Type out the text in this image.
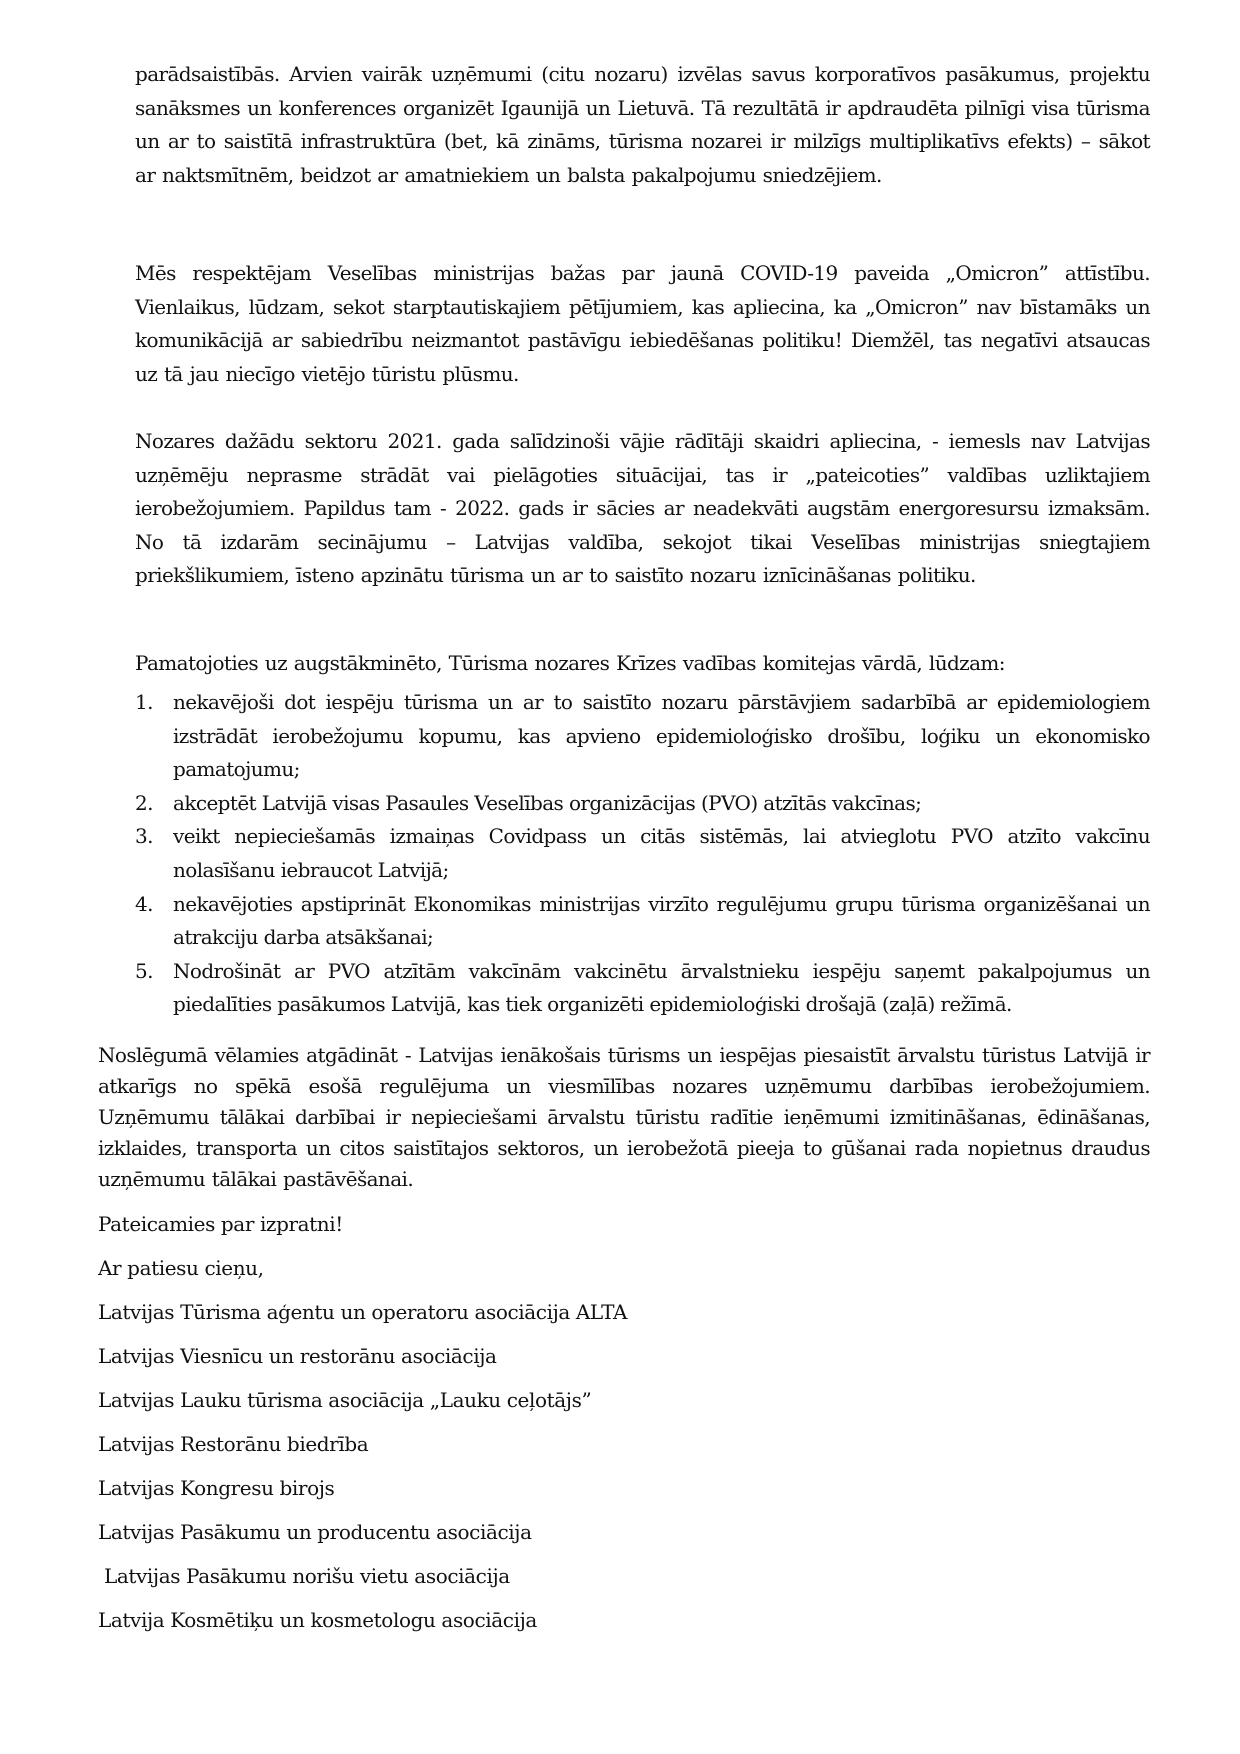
parādsaistībās. Arvien vairāk uzņēmumi (citu nozaru) izvēlas savus korporatīvos pasākumus, projektu sanāksmes un konferences organizēt Igaunijā un Lietuvā. Tā rezultātā ir apdraudēta pilnīgi visa tūrisma un ar to saistītā infrastruktūra (bet, kā zināms, tūrisma nozarei ir milzīgs multiplikatīvs efekts) – sākot ar naktsmītnēm, beidzot ar amatniekiem un balsta pakalpojumu sniedzējiem.

Mēs respektējam Veselības ministrijas bažas par jaunā COVID-19 paveida „Omicron” attīstību. Vienlaikus, lūdzam, sekot starptautiskajiem pētījumiem, kas apliecina, ka „Omicron” nav bīstamāks un komunikācijā ar sabiedrību neizmantot pastāvīgu iebiedēšanas politiku! Diemžēl, tas negatīvi atsaucas uz tā jau niecīgo vietējo tūristu plūsmu.

Nozares dažādu sektoru 2021. gada salīdzinoši vājie rādītāji skaidri apliecina, - iemesls nav Latvijas uzņēmēju neprasme strādāt vai pielāgoties situācijai, tas ir „pateicoties” valdības uzliktajiem ierobežojumiem. Papildus tam - 2022. gads ir sācies ar neadekvāti augstām energoresursu izmaksām. No tā izdarām secinājumu – Latvijas valdība, sekojot tikai Veselības ministrijas sniegtajiem priekšlikumiem, īsteno apzinātu tūrisma un ar to saistīto nozaru iznīcināšanas politiku.

Pamatojoties uz augstākminēto, Tūrisma nozares Krīzes vadības komitejas vārdā, lūdzam:

1. nekavējoši dot iespēju tūrisma un ar to saistīto nozaru pārstāvjiem sadarbībā ar epidemiologiem izstrādāt ierobežojumu kopumu, kas apvieno epidemioloģisko drošību, loģiku un ekonomisko pamatojumu;
2. akceptēt Latvijā visas Pasaules Veselības organizācijas (PVO) atzītās vakcīnas;
3. veikt nepieciešamās izmaiņas Covidpass un citās sistēmās, lai atvieglotu PVO atzīto vakcīnu nolasīšanu iebraucot Latvijā;
4. nekavējoties apstiprināt Ekonomikas ministrijas virzīto regulējumu grupu tūrisma organizēšanai un atrakciju darba atsākšanai;
5. Nodrošināt ar PVO atzītām vakcīnām vakcinētu ārvalstnieku iespēju saņemt pakalpojumus un piedalīties pasākumos Latvijā, kas tiek organizēti epidemioloģiski drošajā (zaļā) režīmā.

Noslēgumā vēlamies atgādināt - Latvijas ienākošais tūrisms un iespējas piesaistīt ārvalstu tūristus Latvijā ir atkarīgs no spēkā esošā regulējuma un viesmīlības nozares uzņēmumu darbības ierobežojumiem. Uzņēmumu tālākai darbībai ir nepieciešami ārvalstu tūristu radītie ieņēmumi izmitināšanas, ēdināšanas, izklaides, transporta un citos saistītajos sektoros, un ierobežotā pieeja to gūšanai rada nopietnus draudus uzņēmumu tālākai pastāvēšanai.

Pateicamies par izpratni!

Ar patiesu cieņu,

Latvijas Tūrisma aģentu un operatoru asociācija ALTA

Latvijas Viesnīcu un restorānu asociācija

Latvijas Lauku tūrisma asociācija „Lauku ceļotājs”

Latvijas Restorānu biedrība

Latvijas Kongresu birojs

Latvijas Pasākumu un producentu asociācija

Latvijas Pasākumu norišu vietu asociācija

Latvija Kosmētiķu un kosmetologu asociācija
